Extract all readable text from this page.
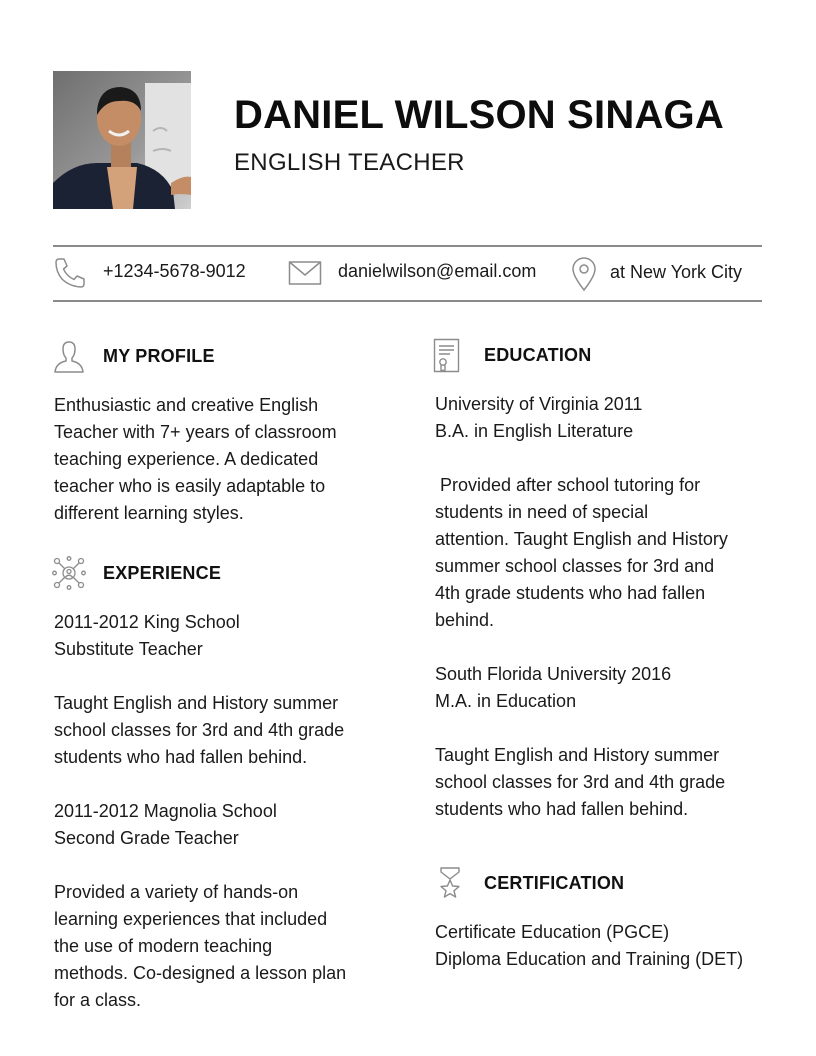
DANIEL WILSON SINAGA
ENGLISH TEACHER
+1234-5678-9012	danielwilson@email.com	at New York City
MY PROFILE

Enthusiastic and creative English

Teacher with 7+ years of classroom

teaching experience. A dedicated

teacher who is easily adaptable to

different learning styles.

EXPERIENCE

2011-2012 King School

Substitute Teacher

Taught English and History summer

school classes for 3rd and 4th grade

students who had fallen behind.

2011-2012 Magnolia School

Second Grade Teacher

Provided a variety of hands-on

learning experiences that included

the use of modern teaching

methods. Co-designed a lesson plan

for a class.

EDUCATION

University of Virginia 2011

B.A. in English Literature

Provided after school tutoring for

students in need of special

attention. Taught English and History

summer school classes for 3rd and

4th grade students who had fallen

behind.

South Florida University 2016

M.A. in Education

Taught English and History summer

school classes for 3rd and 4th grade

students who had fallen behind.

CERTIFICATION

Certificate Education (PGCE)

Diploma Education and Training (DET)
